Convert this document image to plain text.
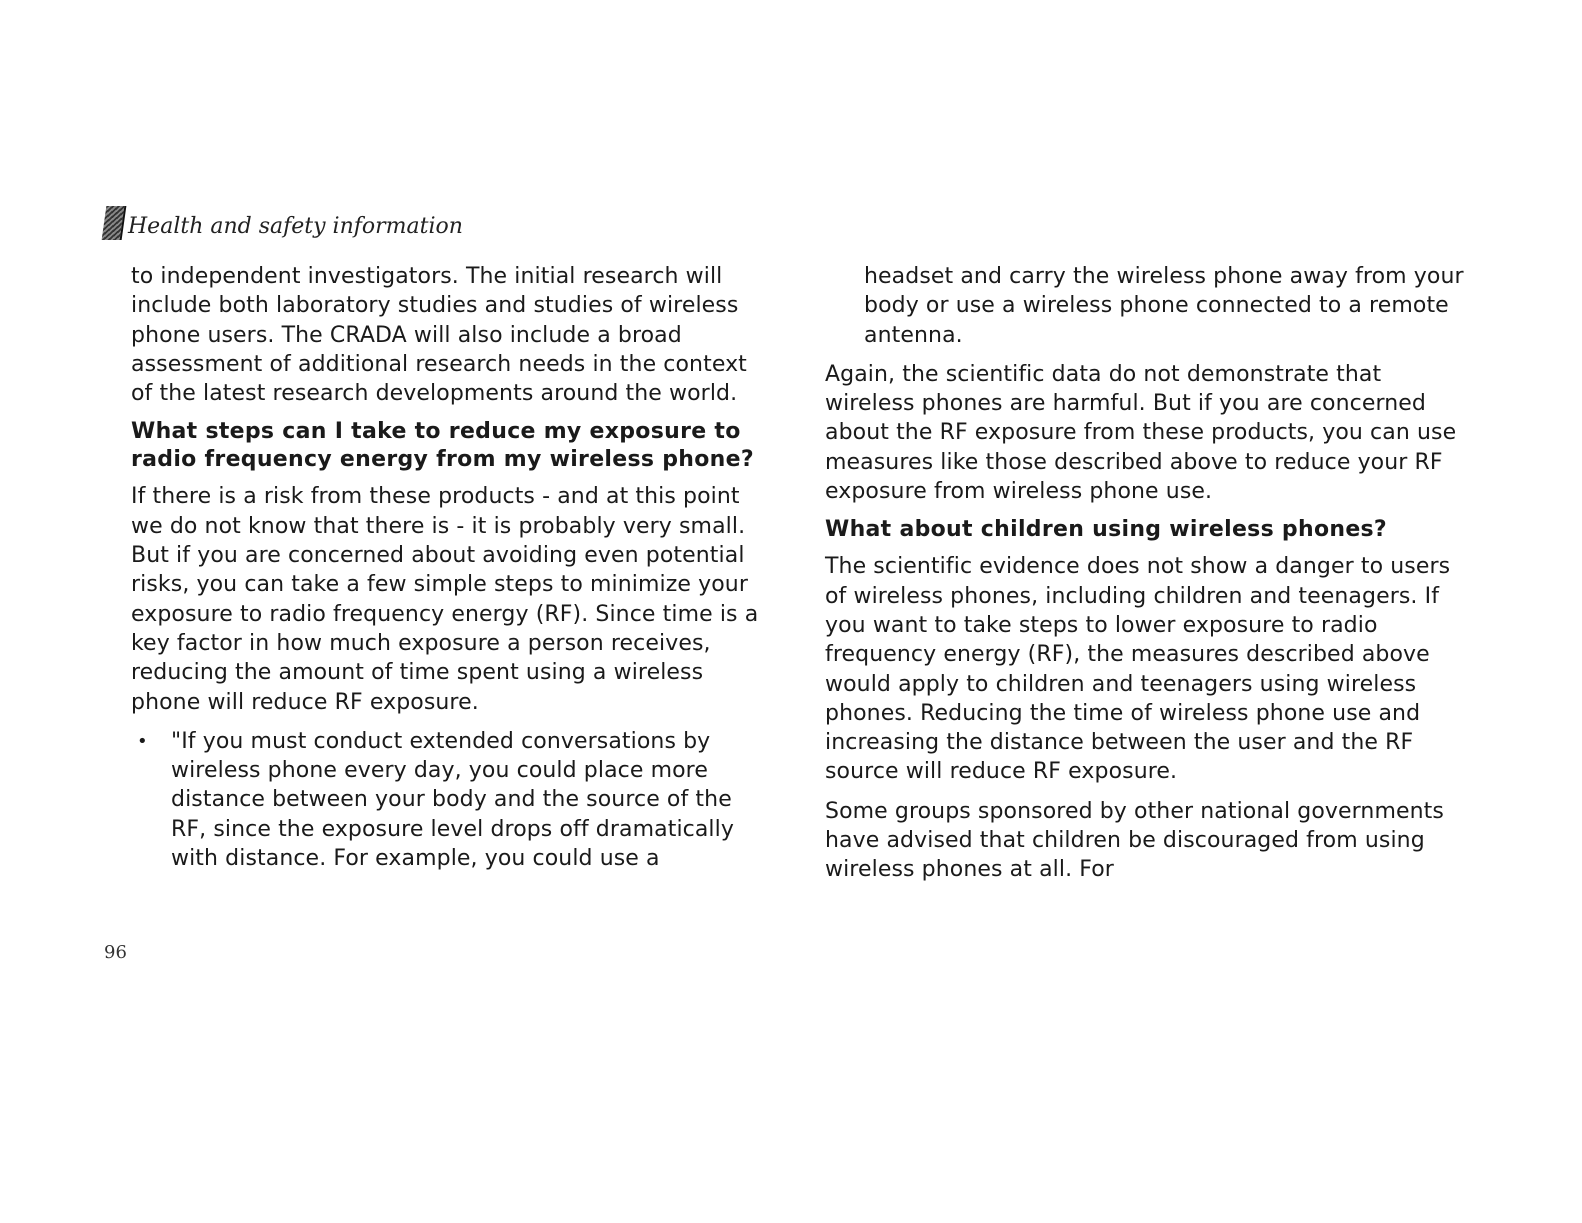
Health and safety information

to independent investigators. The initial research will include both laboratory studies and studies of wireless phone users. The CRADA will also include a broad assessment of additional research needs in the context of the latest research developments around the world.

What steps can I take to reduce my exposure to radio frequency energy from my wireless phone?

If there is a risk from these products - and at this point we do not know that there is - it is probably very small. But if you are concerned about avoiding even potential risks, you can take a few simple steps to minimize your exposure to radio frequency energy (RF). Since time is a key factor in how much exposure a person receives, reducing the amount of time spent using a wireless phone will reduce RF exposure.

•	"If you must conduct extended conversations by wireless phone every day, you could place more distance between your body and the source of the RF, since the exposure level drops off dramatically with distance. For example, you could use a

headset and carry the wireless phone away from your body or use a wireless phone connected to a remote antenna.

Again, the scientific data do not demonstrate that wireless phones are harmful. But if you are concerned about the RF exposure from these products, you can use measures like those described above to reduce your RF exposure from wireless phone use.

What about children using wireless phones?

The scientific evidence does not show a danger to users of wireless phones, including children and teenagers. If you want to take steps to lower exposure to radio frequency energy (RF), the measures described above would apply to children and teenagers using wireless phones. Reducing the time of wireless phone use and increasing the distance between the user and the RF source will reduce RF exposure.

Some groups sponsored by other national governments have advised that children be discouraged from using wireless phones at all. For

96
